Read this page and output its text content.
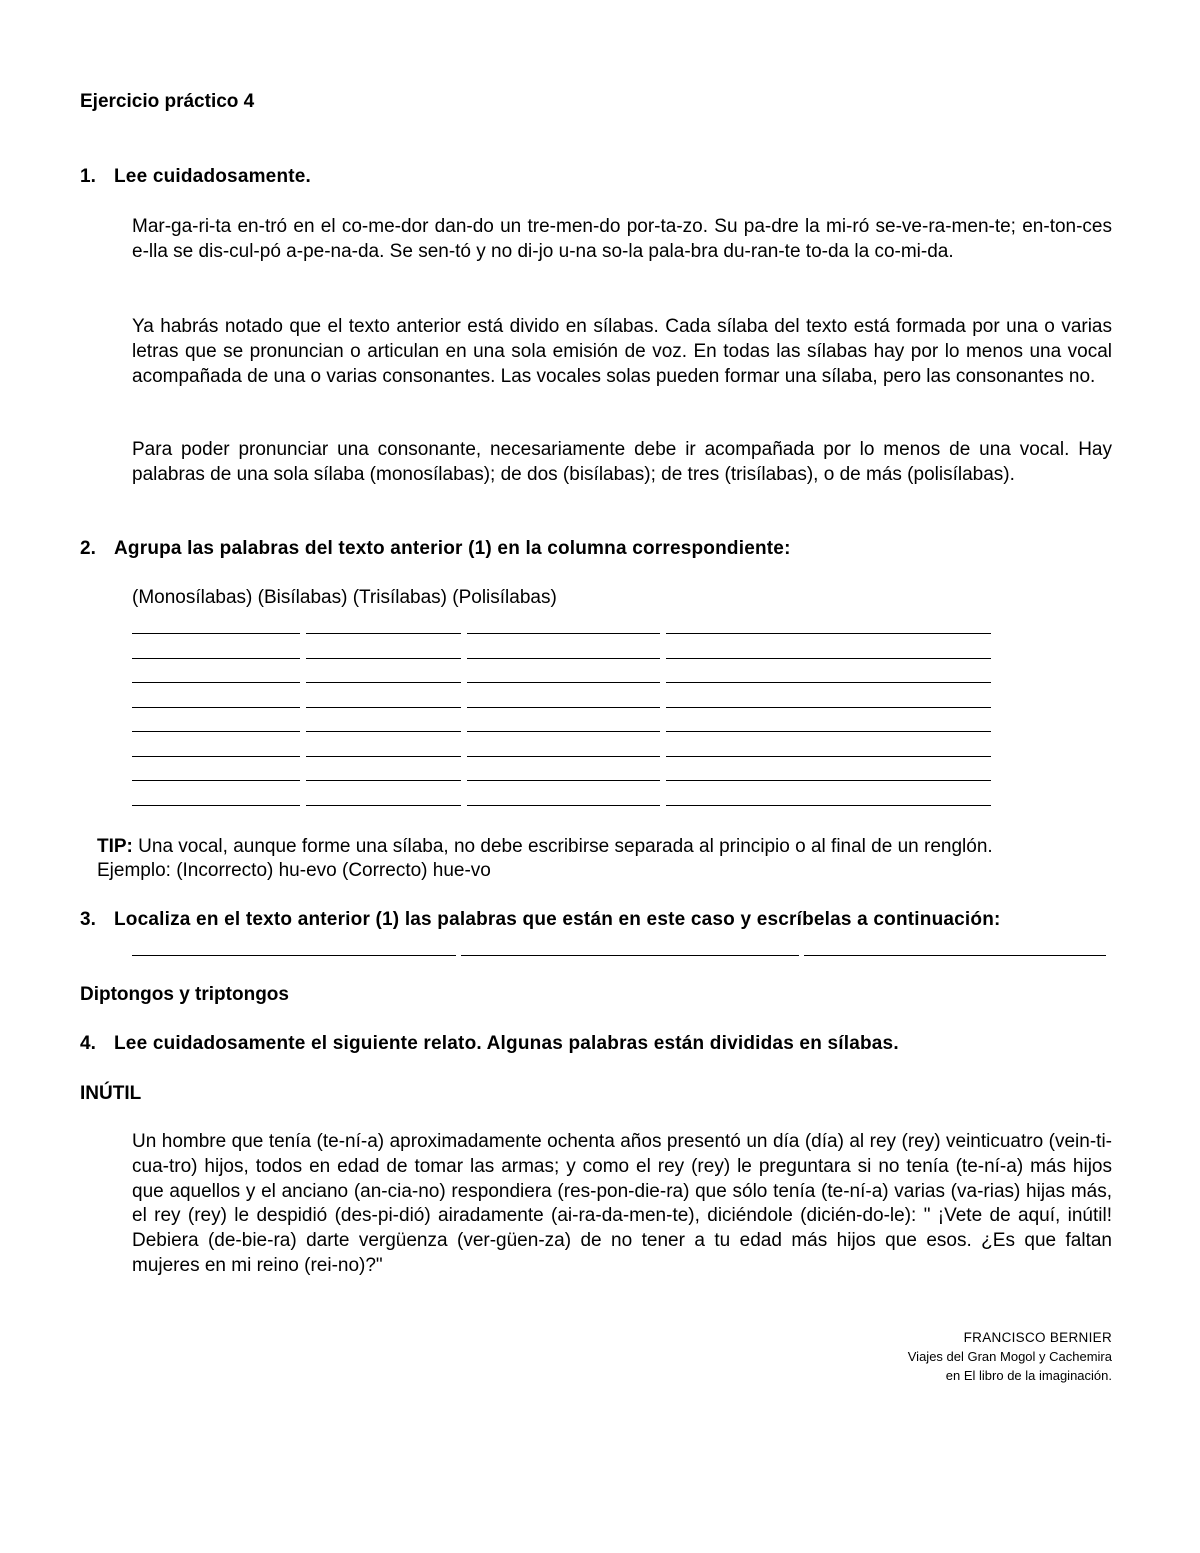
Ejercicio práctico 4
1. Lee cuidadosamente.

Mar-ga-ri-ta en-tró en el co-me-dor dan-do un tre-men-do por-ta-zo. Su pa-dre la mi-ró se-ve-ra-men-te; en-ton-ces e-lla se dis-cul-pó a-pe-na-da. Se sen-tó y no di-jo u-na so-la pala-bra du-ran-te to-da la co-mi-da.

Ya habrás notado que el texto anterior está divido en sílabas. Cada sílaba del texto está formada por una o varias letras que se pronuncian o articulan en una sola emisión de voz. En todas las sílabas hay por lo menos una vocal acompañada de una o varias consonantes. Las vocales solas pueden formar una sílaba, pero las consonantes no.

Para poder pronunciar una consonante, necesariamente debe ir acompañada por lo menos de una vocal. Hay palabras de una sola sílaba (monosílabas); de dos (bisílabas); de tres (trisílabas), o de más (polisílabas).

2. Agrupa las palabras del texto anterior (1) en la columna correspondiente:
(Monosílabas) (Bisílabas) (Trisílabas) (Polisílabas)
TIP: Una vocal, aunque forme una sílaba, no debe escribirse separada al principio o al final de un renglón.
Ejemplo: (Incorrecto) hu-evo (Correcto) hue-vo
3. Localiza en el texto anterior (1) las palabras que están en este caso y escríbelas a continuación:
Diptongos y triptongos
4. Lee cuidadosamente el siguiente relato. Algunas palabras están divididas en sílabas.
INÚTIL

Un hombre que tenía (te-ní-a) aproximadamente ochenta años presentó un día (día) al rey (rey) veinticuatro (vein-ti-cua-tro) hijos, todos en edad de tomar las armas; y como el rey (rey) le preguntara si no tenía (te-ní-a) más hijos que aquellos y el anciano (an-cia-no) respondiera (res-pon-die-ra) que sólo tenía (te-ní-a) varias (va-rias) hijas más, el rey (rey) le despidió (des-pi-dió) airadamente (ai-ra-da-men-te), diciéndole (dicién-do-le): " ¡Vete de aquí, inútil! Debiera (de-bie-ra) darte vergüenza (ver-güen-za) de no tener a tu edad más hijos que esos. ¿Es que faltan mujeres en mi reino (rei-no)?"

FRANCISCO BERNIER
Viajes del Gran Mogol y Cachemira
en El libro de la imaginación.
